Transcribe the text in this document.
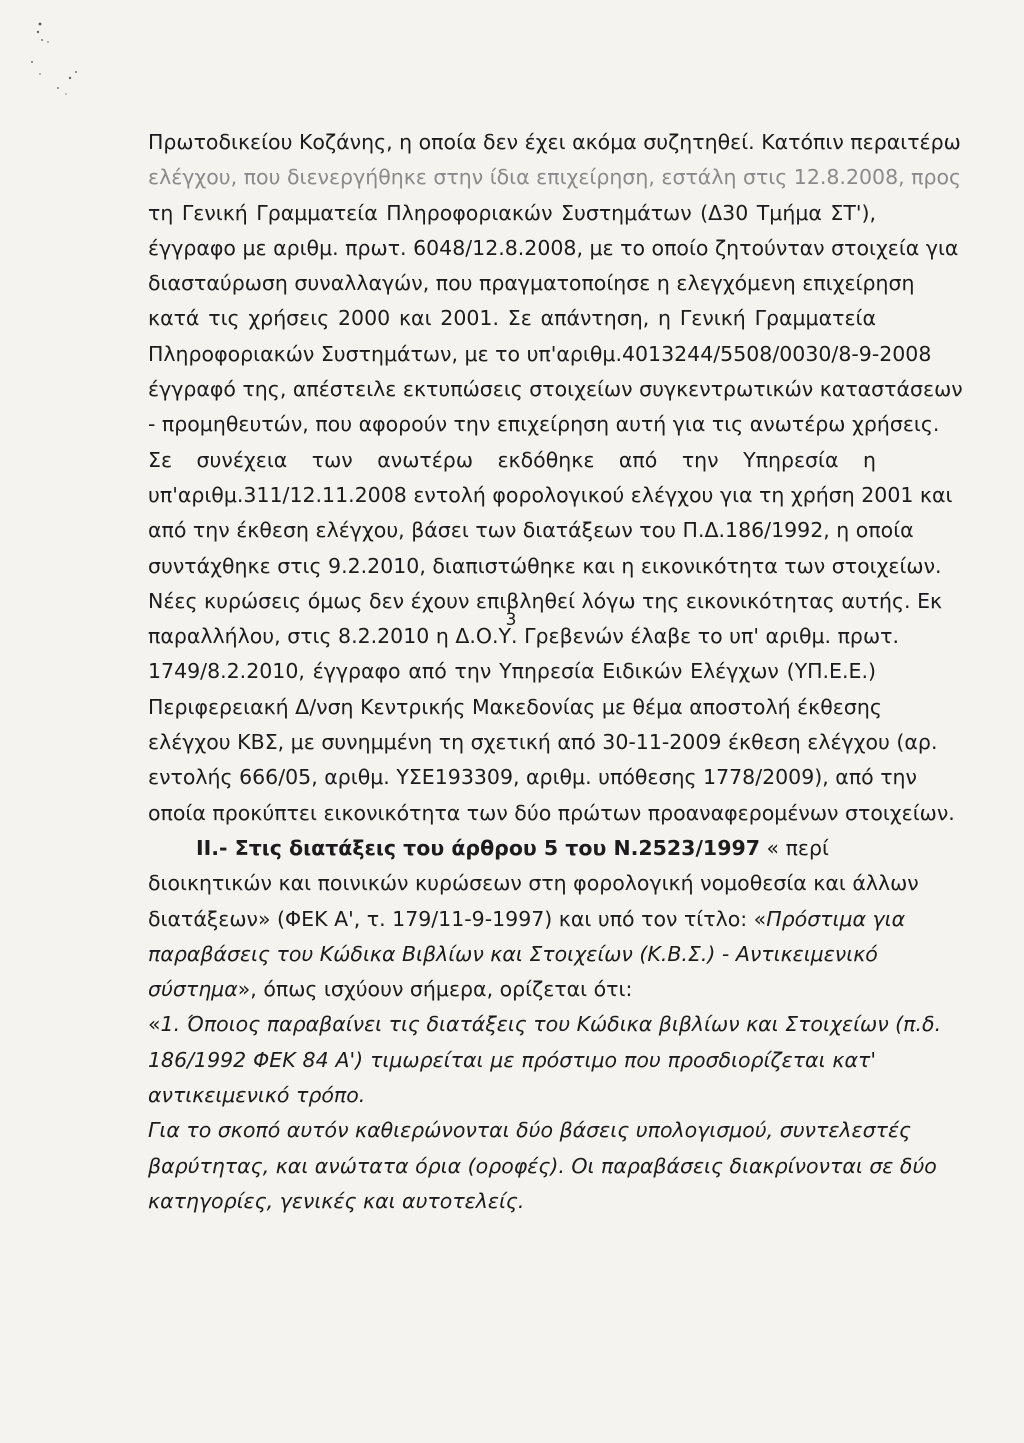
Πρωτοδικείου Κοζάνης, η οποία δεν έχει ακόμα συζητηθεί. Κατόπιν περαιτέρω
ελέγχου, που διενεργήθηκε στην ίδια επιχείρηση, εστάλη στις 12.8.2008, προς
τη Γενική Γραμματεία Πληροφοριακών Συστημάτων (Δ30 Τμήμα ΣΤ'),
έγγραφο με αριθμ. πρωτ. 6048/12.8.2008, με το οποίο ζητούνταν στοιχεία για
διασταύρωση συναλλαγών, που πραγματοποίησε η ελεγχόμενη επιχείρηση
κατά τις χρήσεις 2000 και 2001. Σε απάντηση, η Γενική Γραμματεία
Πληροφοριακών Συστημάτων, με το υπ'αριθμ.4013244/5508/0030/8-9-2008
έγγραφό της, απέστειλε εκτυπώσεις στοιχείων συγκεντρωτικών καταστάσεων
- προμηθευτών, που αφορούν την επιχείρηση αυτή για τις ανωτέρω χρήσεις.
Σε συνέχεια των ανωτέρω εκδόθηκε από την Υπηρεσία η
υπ'αριθμ.311/12.11.2008 εντολή φορολογικού ελέγχου για τη χρήση 2001 και
από την έκθεση ελέγχου, βάσει των διατάξεων του Π.Δ.186/1992, η οποία
συντάχθηκε στις 9.2.2010, διαπιστώθηκε και η εικονικότητα των στοιχείων.
Νέες κυρώσεις όμως δεν έχουν επιβληθεί λόγω της εικονικότητας αυτής. Εκ
παραλλήλου, στις 8.2.2010 η Δ.Ο.Υ. Γρεβενών έλαβε το υπ' αριθμ. πρωτ.
1749/8.2.2010, έγγραφο από την Υπηρεσία Ειδικών Ελέγχων (ΥΠ.Ε.Ε.)
Περιφερειακή Δ/νση Κεντρικής Μακεδονίας με θέμα αποστολή έκθεσης
ελέγχου ΚΒΣ, με συνημμένη τη σχετική από 30-11-2009 έκθεση ελέγχου (αρ.
εντολής 666/05, αριθμ. ΥΣΕ193309, αριθμ. υπόθεσης 1778/2009), από την
οποία προκύπτει εικονικότητα των δύο πρώτων προαναφερομένων στοιχείων.
ΙΙ.- Στις διατάξεις του άρθρου 5 του Ν.2523/1997 « περί
διοικητικών και ποινικών κυρώσεων στη φορολογική νομοθεσία και άλλων
διατάξεων» (ΦΕΚ Α', τ. 179/11-9-1997) και υπό τον τίτλο: «Πρόστιμα για
παραβάσεις του Κώδικα Βιβλίων και Στοιχείων (Κ.Β.Σ.) - Αντικειμενικό
σύστημα», όπως ισχύουν σήμερα, ορίζεται ότι:
«1. Όποιος παραβαίνει τις διατάξεις του Κώδικα βιβλίων και Στοιχείων (π.δ.
186/1992 ΦΕΚ 84 Α') τιμωρείται με πρόστιμο που προσδιορίζεται κατ'
αντικειμενικό τρόπο.
Για το σκοπό αυτόν καθιερώνονται δύο βάσεις υπολογισμού, συντελεστές
βαρύτητας, και ανώτατα όρια (οροφές). Οι παραβάσεις διακρίνονται σε δύο
κατηγορίες, γενικές και αυτοτελείς.
3
